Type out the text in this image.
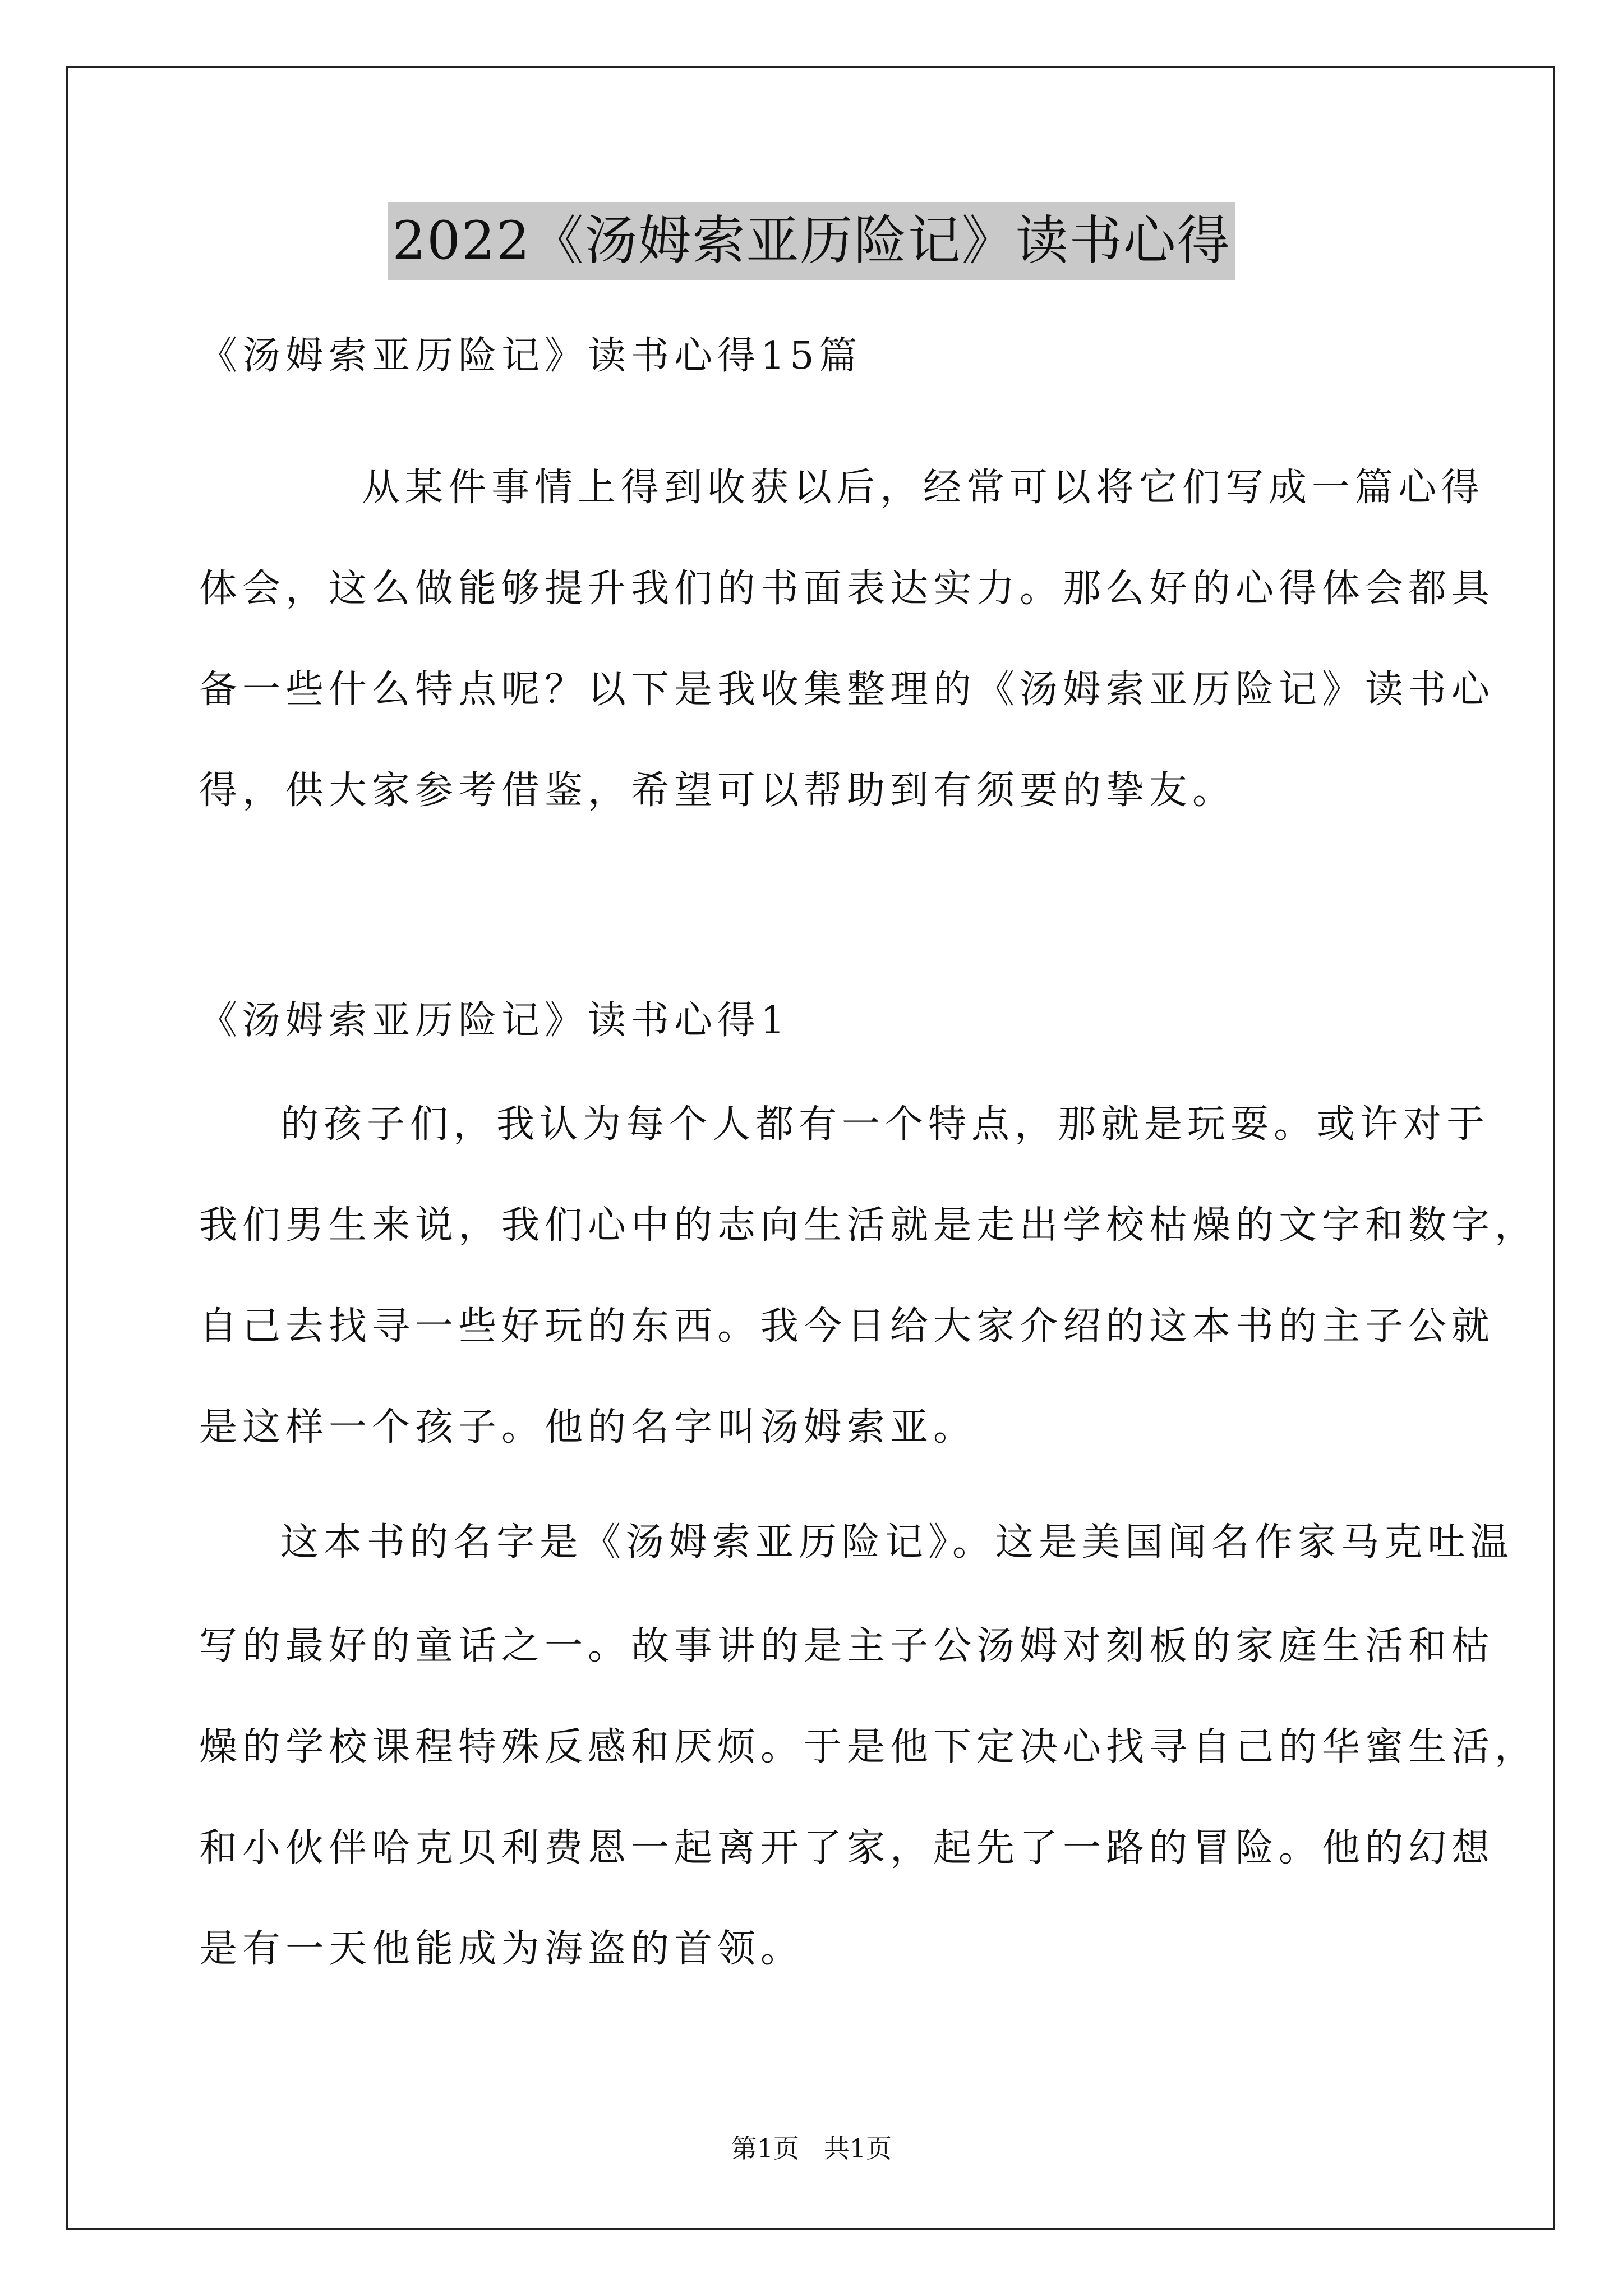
2022《汤姆索亚历险记》读书心得
《汤姆索亚历险记》读书心得15篇
从某件事情上得到收获以后，经常可以将它们写成一篇心得
体会，这么做能够提升我们的书面表达实力。那么好的心得体会都具
备一些什么特点呢？以下是我收集整理的《汤姆索亚历险记》读书心
得，供大家参考借鉴，希望可以帮助到有须要的挚友。
《汤姆索亚历险记》读书心得1
的孩子们，我认为每个人都有一个特点，那就是玩耍。或许对于
我们男生来说，我们心中的志向生活就是走出学校枯燥的文字和数字，
自己去找寻一些好玩的东西。我今日给大家介绍的这本书的主子公就
是这样一个孩子。他的名字叫汤姆索亚。
这本书的名字是《汤姆索亚历险记》。这是美国闻名作家马克吐温
写的最好的童话之一。故事讲的是主子公汤姆对刻板的家庭生活和枯
燥的学校课程特殊反感和厌烦。于是他下定决心找寻自己的华蜜生活，
和小伙伴哈克贝利费恩一起离开了家，起先了一路的冒险。他的幻想
是有一天他能成为海盗的首领。
第1页   共1页
